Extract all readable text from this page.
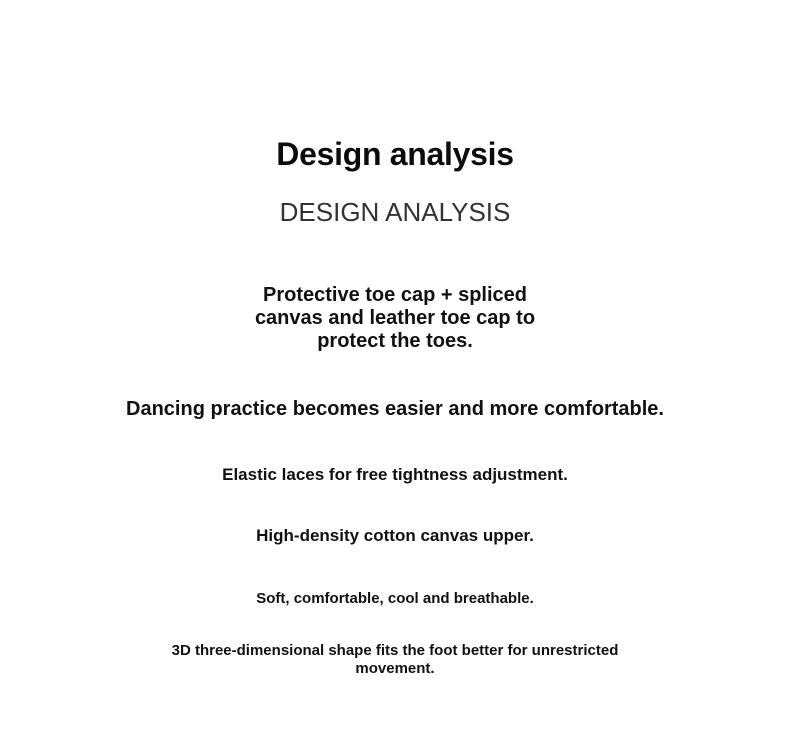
Design analysis
DESIGN ANALYSIS
Protective toe cap + spliced
canvas and leather toe cap to
protect the toes.
Dancing practice becomes easier and more comfortable.
Elastic laces for free tightness adjustment.
High-density cotton canvas upper.
Soft, comfortable, cool and breathable.
3D three-dimensional shape fits the foot better for unrestricted
movement.
